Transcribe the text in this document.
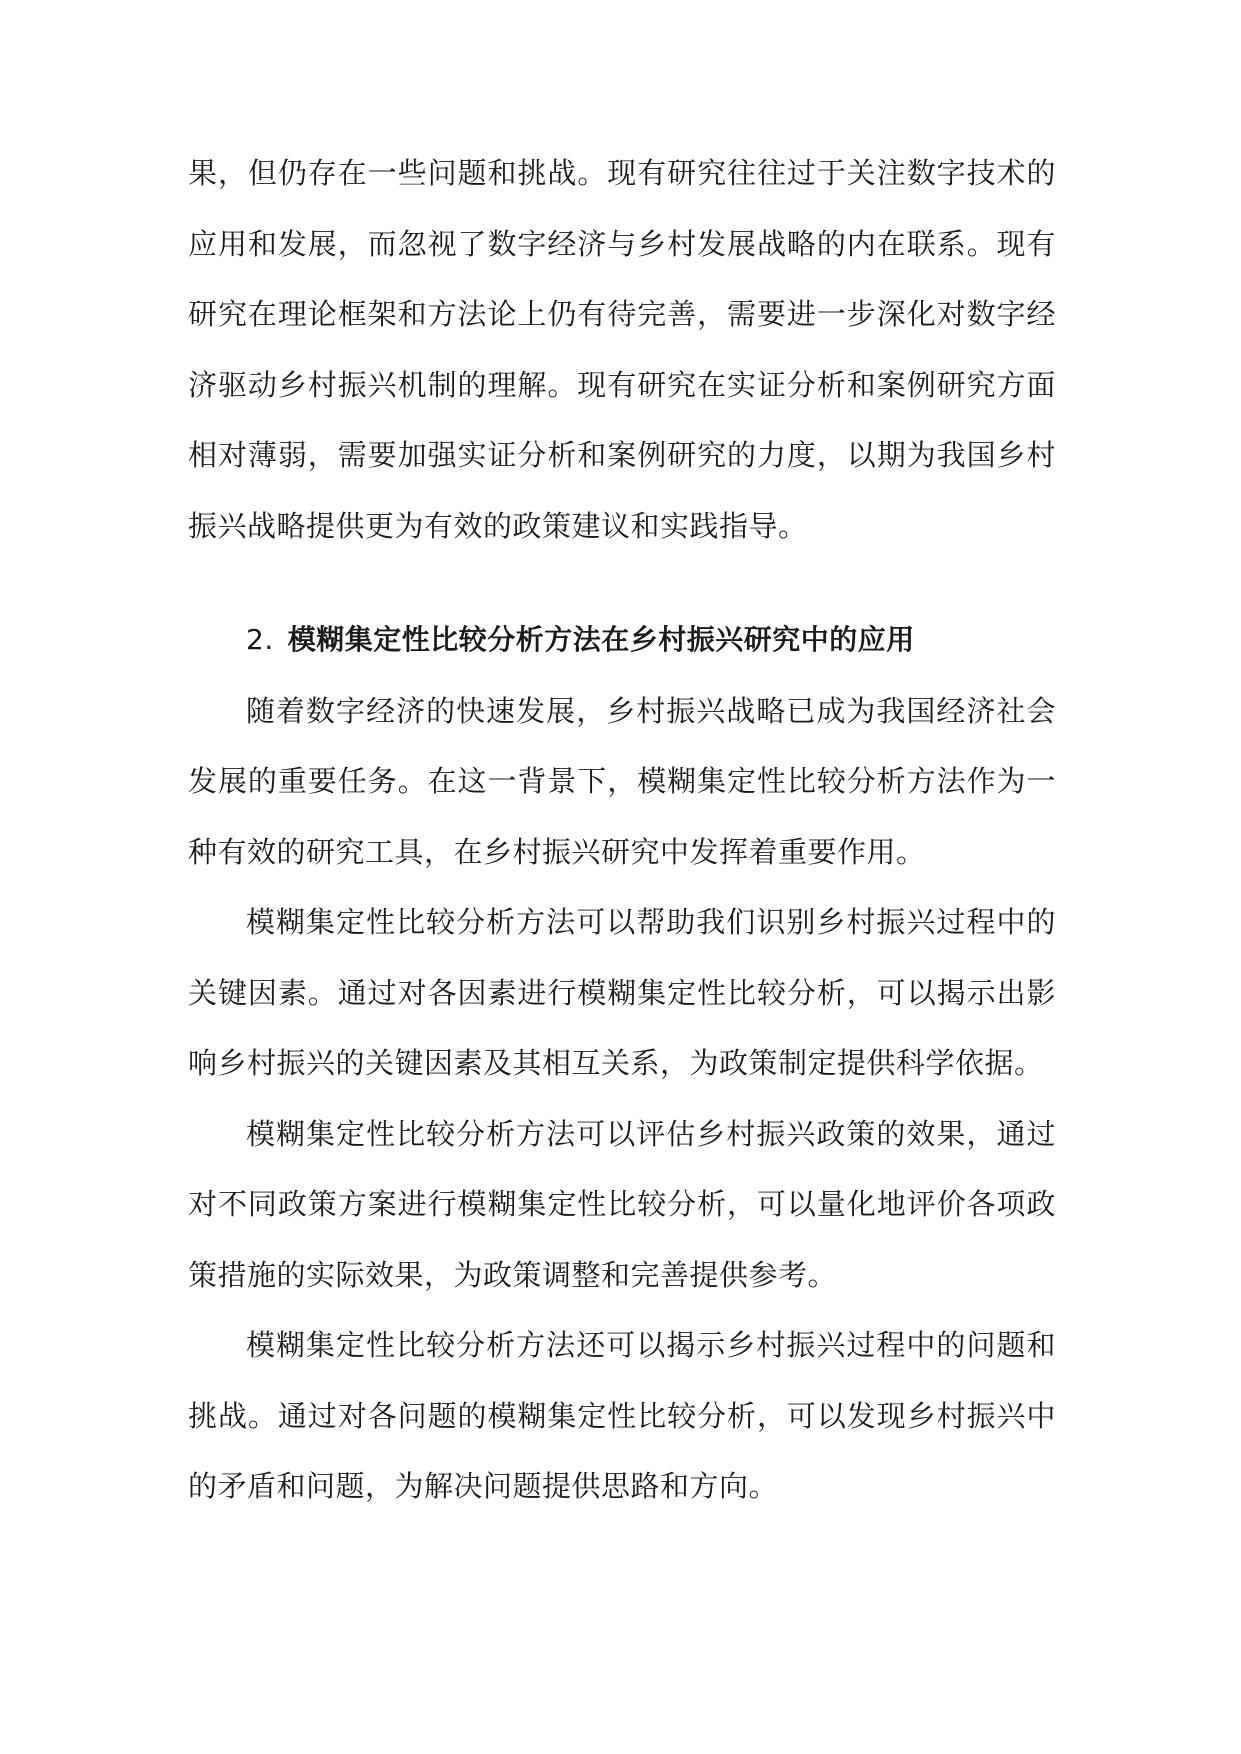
果，但仍存在一些问题和挑战。现有研究往往过于关注数字技术的应用和发展，而忽视了数字经济与乡村发展战略的内在联系。现有研究在理论框架和方法论上仍有待完善，需要进一步深化对数字经济驱动乡村振兴机制的理解。现有研究在实证分析和案例研究方面相对薄弱，需要加强实证分析和案例研究的力度，以期为我国乡村振兴战略提供更为有效的政策建议和实践指导。

2. 模糊集定性比较分析方法在乡村振兴研究中的应用

随着数字经济的快速发展，乡村振兴战略已成为我国经济社会发展的重要任务。在这一背景下，模糊集定性比较分析方法作为一种有效的研究工具，在乡村振兴研究中发挥着重要作用。

模糊集定性比较分析方法可以帮助我们识别乡村振兴过程中的关键因素。通过对各因素进行模糊集定性比较分析，可以揭示出影响乡村振兴的关键因素及其相互关系，为政策制定提供科学依据。

模糊集定性比较分析方法可以评估乡村振兴政策的效果，通过对不同政策方案进行模糊集定性比较分析，可以量化地评价各项政策措施的实际效果，为政策调整和完善提供参考。

模糊集定性比较分析方法还可以揭示乡村振兴过程中的问题和挑战。通过对各问题的模糊集定性比较分析，可以发现乡村振兴中的矛盾和问题，为解决问题提供思路和方向。
